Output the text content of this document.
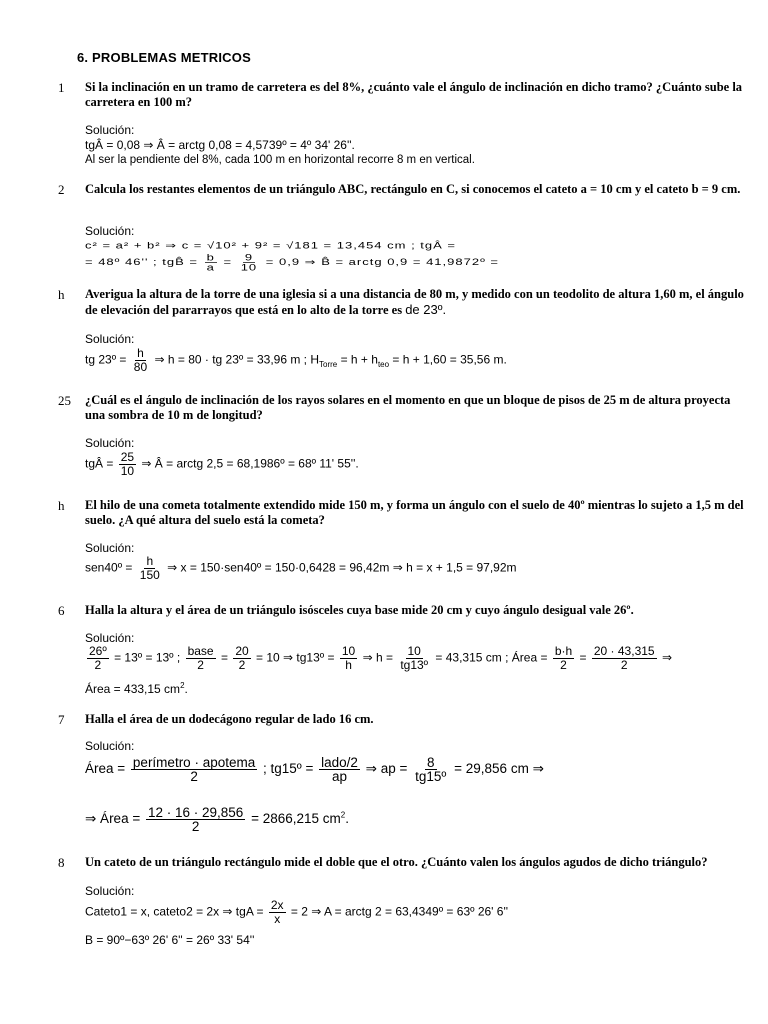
6. PROBLEMAS METRICOS
1 Si la inclinación en un tramo de carretera es del 8%, ¿cuánto vale el ángulo de inclinación en dicho tramo? ¿Cuánto sube la carretera en 100 m?
Solución:
tgÂ = 0,08 ⇒ Â = arctg 0,08 = 4,5739º = 4º 34' 26''.
Al ser la pendiente del 8%, cada 100 m en horizontal recorre 8 m en vertical.
2 Calcula los restantes elementos de un triángulo ABC, rectángulo en C, si conocemos el cateto a = 10 cm y el cateto b = 9 cm.
Solución:
c² = a² + b² ⇒ c = √10² + 9² = √181 = 13,454 cm ; tgÂ =
= 48º 46'' ; tgB̂ = $\frac{b}{a} = \frac{9}{10} = 0,9$ ⇒ B̂ = arctg 0,9 = 41,9872º =
h Averigua la altura de la torre de una iglesia si a una distancia de 80 m, y medido con un teodolito de altura 1,60 m, el ángulo de elevación del pararrayos que está en lo alto de la torre es de 23º.
Solución:
tg 23º = $\frac{h}{80}$ ⇒ h = 80 · tg 23º = 33,96 m ; $H_{Torre} = h + h_{teo} = h + 1,60 = 35,56$ m.
25 ¿Cuál es el ángulo de inclinación de los rayos solares en el momento en que un bloque de pisos de 25 m de altura proyecta una sombra de 10 m de longitud?
Solución:
tgÂ = $\frac{25}{10}$ ⇒ Â = arctg 2,5 = 68,1986º = 68º 11' 55''.
h El hilo de una cometa totalmente extendido mide 150 m, y forma un ángulo con el suelo de 40º mientras lo sujeto a 1,5 m del suelo. ¿A qué altura del suelo está la cometa?
Solución:
sen40º = $\frac{h}{150}$ ⇒ x = 150·sen40º = 150·0,6428 = 96,42m ⇒ h = x + 1,5 = 97,92m
6 Halla la altura y el área de un triángulo isósceles cuya base mide 20 cm y cuyo ángulo desigual vale 26º.
Solución:
$\frac{\text{26º}}{2}$ = 13º = 13º ; $\frac{\text{base}}{2} = \frac{20}{2} = 10$ ⇒ tg13º = $\frac{10}{h}$ ⇒ $h = \frac{10}{\text{tg13º}} = 43,315$ cm ; Área = $\frac{b\cdot h}{2} = \frac{20 \cdot 43,315}{2}$ ⇒
Área = 433,15 $cm^2$.
7 Halla el área de un dodecágono regular de lado 16 cm.
Solución:
Área = $\frac{\text{perímetro · apotema}}{2}$ ; tg15º = $\frac{\text{lado/2}}{ap}$ ⇒ ap = $\frac{8}{\text{tg15º}} = 29,856$ cm ⇒
⇒ Área = $\frac{12 \cdot 16 \cdot 29,856}{2} = 2866,215$ $cm^2$.
8 Un cateto de un triángulo rectángulo mide el doble que el otro. ¿Cuánto valen los ángulos agudos de dicho triángulo?
Solución:
Cateto1 = x, cateto2 = 2x ⇒ tgA = $\frac{2x}{x} = 2$ ⇒ A = arctg 2 = 63,4349º = 63º 26' 6''
B = 90º−63º 26' 6'' = 26º 33' 54''
